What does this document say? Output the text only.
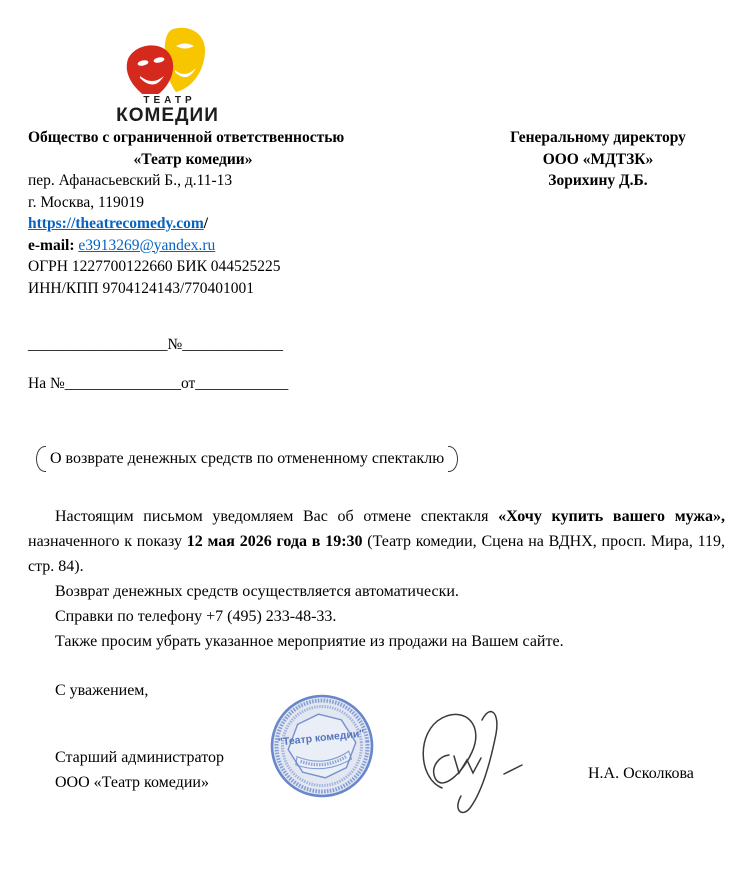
ТЕАТР
КОМЕДИИ
Общество с ограниченной ответственностью
«Театр комедии»
пер. Афанасьевский Б., д.11-13
г. Москва, 119019
https://theatrecomedy.com/
e-mail: e3913269@yandex.ru
ОГРН 1227700122660 БИК 044525225
ИНН/КПП 9704124143/770401001
Генеральному директору
ООО «МДТЗК»
Зорихину Д.Б.
__________________№_____________
На №_______________от____________
О возврате денежных средств по отмененному спектаклю

Настоящим письмом уведомляем Вас об отмене спектакля «Хочу купить вашего мужа», назначенного к показу 12 мая 2026 года в 19:30 (Театр комедии, Сцена на ВДНХ, просп. Мира, 119, стр. 84).

Возврат денежных средств осуществляется автоматически.

Справки по телефону +7 (495) 233-48-33.

Также просим убрать указанное мероприятие из продажи на Вашем сайте.

С уважением,
"Театр комедии"
Старший администратор
ООО «Театр комедии»
Н.А. Осколкова
